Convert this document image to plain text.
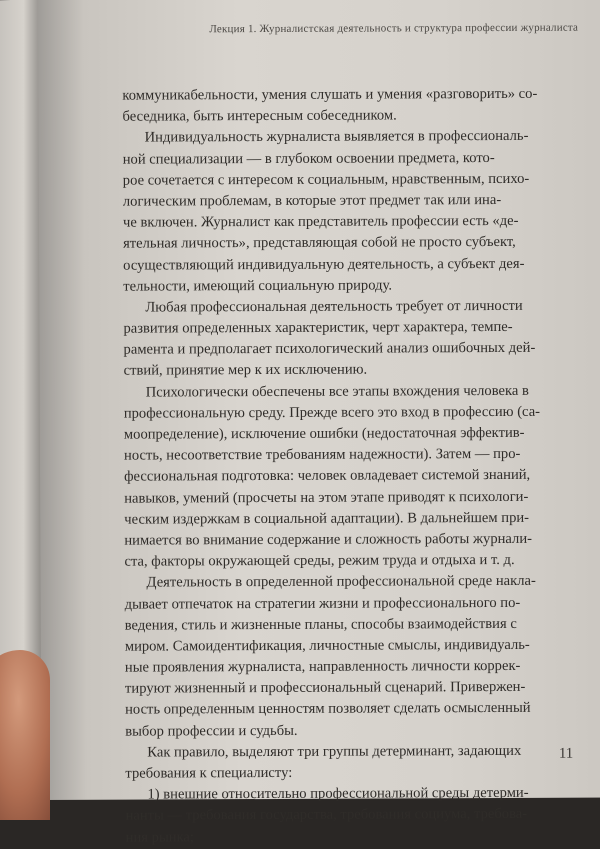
Лекция 1. Журналистская деятельность и структура профессии журналиста
коммуникабельности, умения слушать и умения «разговорить» со-
беседника, быть интересным собеседником.
Индивидуальность журналиста выявляется в профессиональ-
ной специализации — в глубоком освоении предмета, кото-
рое сочетается с интересом к социальным, нравственным, психо-
логическим проблемам, в которые этот предмет так или ина-
че включен. Журналист как представитель профессии есть «де-
ятельная личность», представляющая собой не просто субъект,
осуществляющий индивидуальную деятельность, а субъект дея-
тельности, имеющий социальную природу.
Любая профессиональная деятельность требует от личности
развития определенных характеристик, черт характера, темпе-
рамента и предполагает психологический анализ ошибочных дей-
ствий, принятие мер к их исключению.
Психологически обеспечены все этапы вхождения человека в
профессиональную среду. Прежде всего это вход в профессию (са-
моопределение), исключение ошибки (недостаточная эффектив-
ность, несоответствие требованиям надежности). Затем — про-
фессиональная подготовка: человек овладевает системой знаний,
навыков, умений (просчеты на этом этапе приводят к психологи-
ческим издержкам в социальной адаптации). В дальнейшем при-
нимается во внимание содержание и сложность работы журнали-
ста, факторы окружающей среды, режим труда и отдыха и т. д.
Деятельность в определенной профессиональной среде накла-
дывает отпечаток на стратегии жизни и профессионального по-
ведения, стиль и жизненные планы, способы взаимодействия с
миром. Самоидентификация, личностные смыслы, индивидуаль-
ные проявления журналиста, направленность личности коррек-
тируют жизненный и профессиональный сценарий. Привержен-
ность определенным ценностям позволяет сделать осмысленный
выбор профессии и судьбы.
Как правило, выделяют три группы детерминант, задающих
требования к специалисту:
1) внешние относительно профессиональной среды детерми-
нанты — требования государства, требования социума, требова-
ния рынка;
11
